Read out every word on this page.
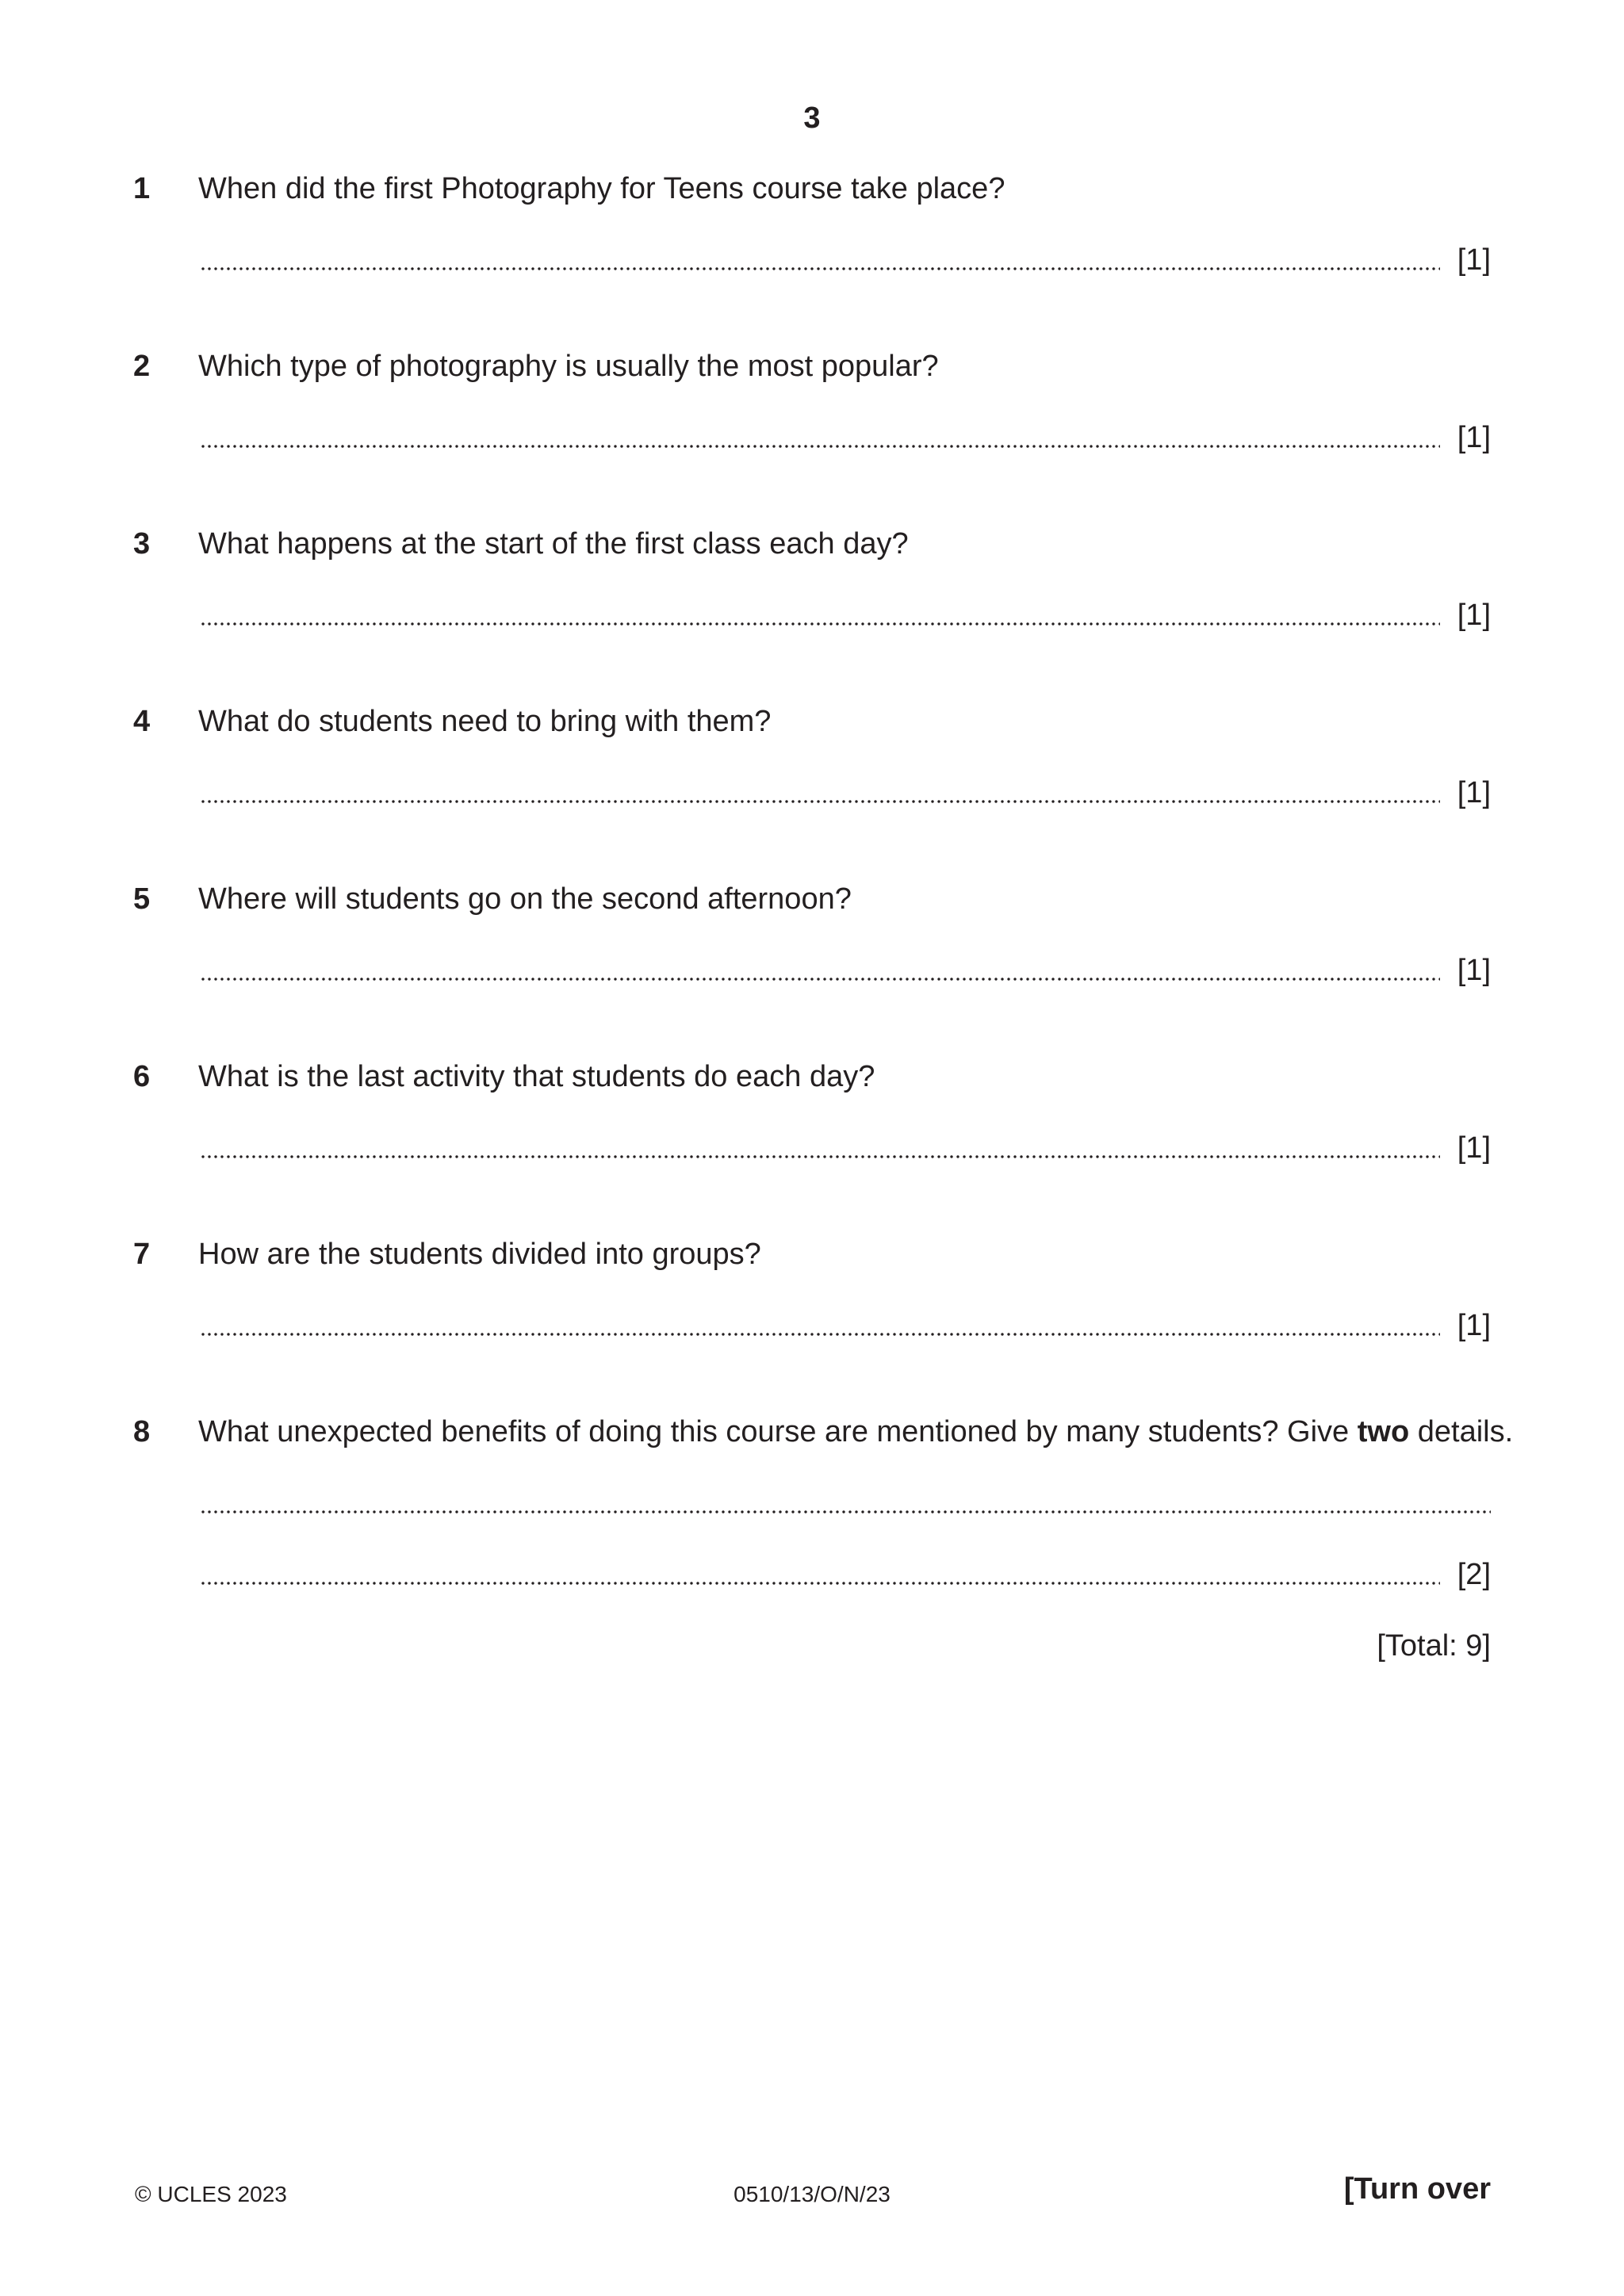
3
1 When did the first Photography for Teens course take place?
[1]
2 Which type of photography is usually the most popular?
[1]
3 What happens at the start of the first class each day?
[1]
4 What do students need to bring with them?
[1]
5 Where will students go on the second afternoon?
[1]
6 What is the last activity that students do each day?
[1]
7 How are the students divided into groups?
[1]
8 What unexpected benefits of doing this course are mentioned by many students? Give two details.
[2]
[Total: 9]
© UCLES 2023	0510/13/O/N/23	[Turn over
